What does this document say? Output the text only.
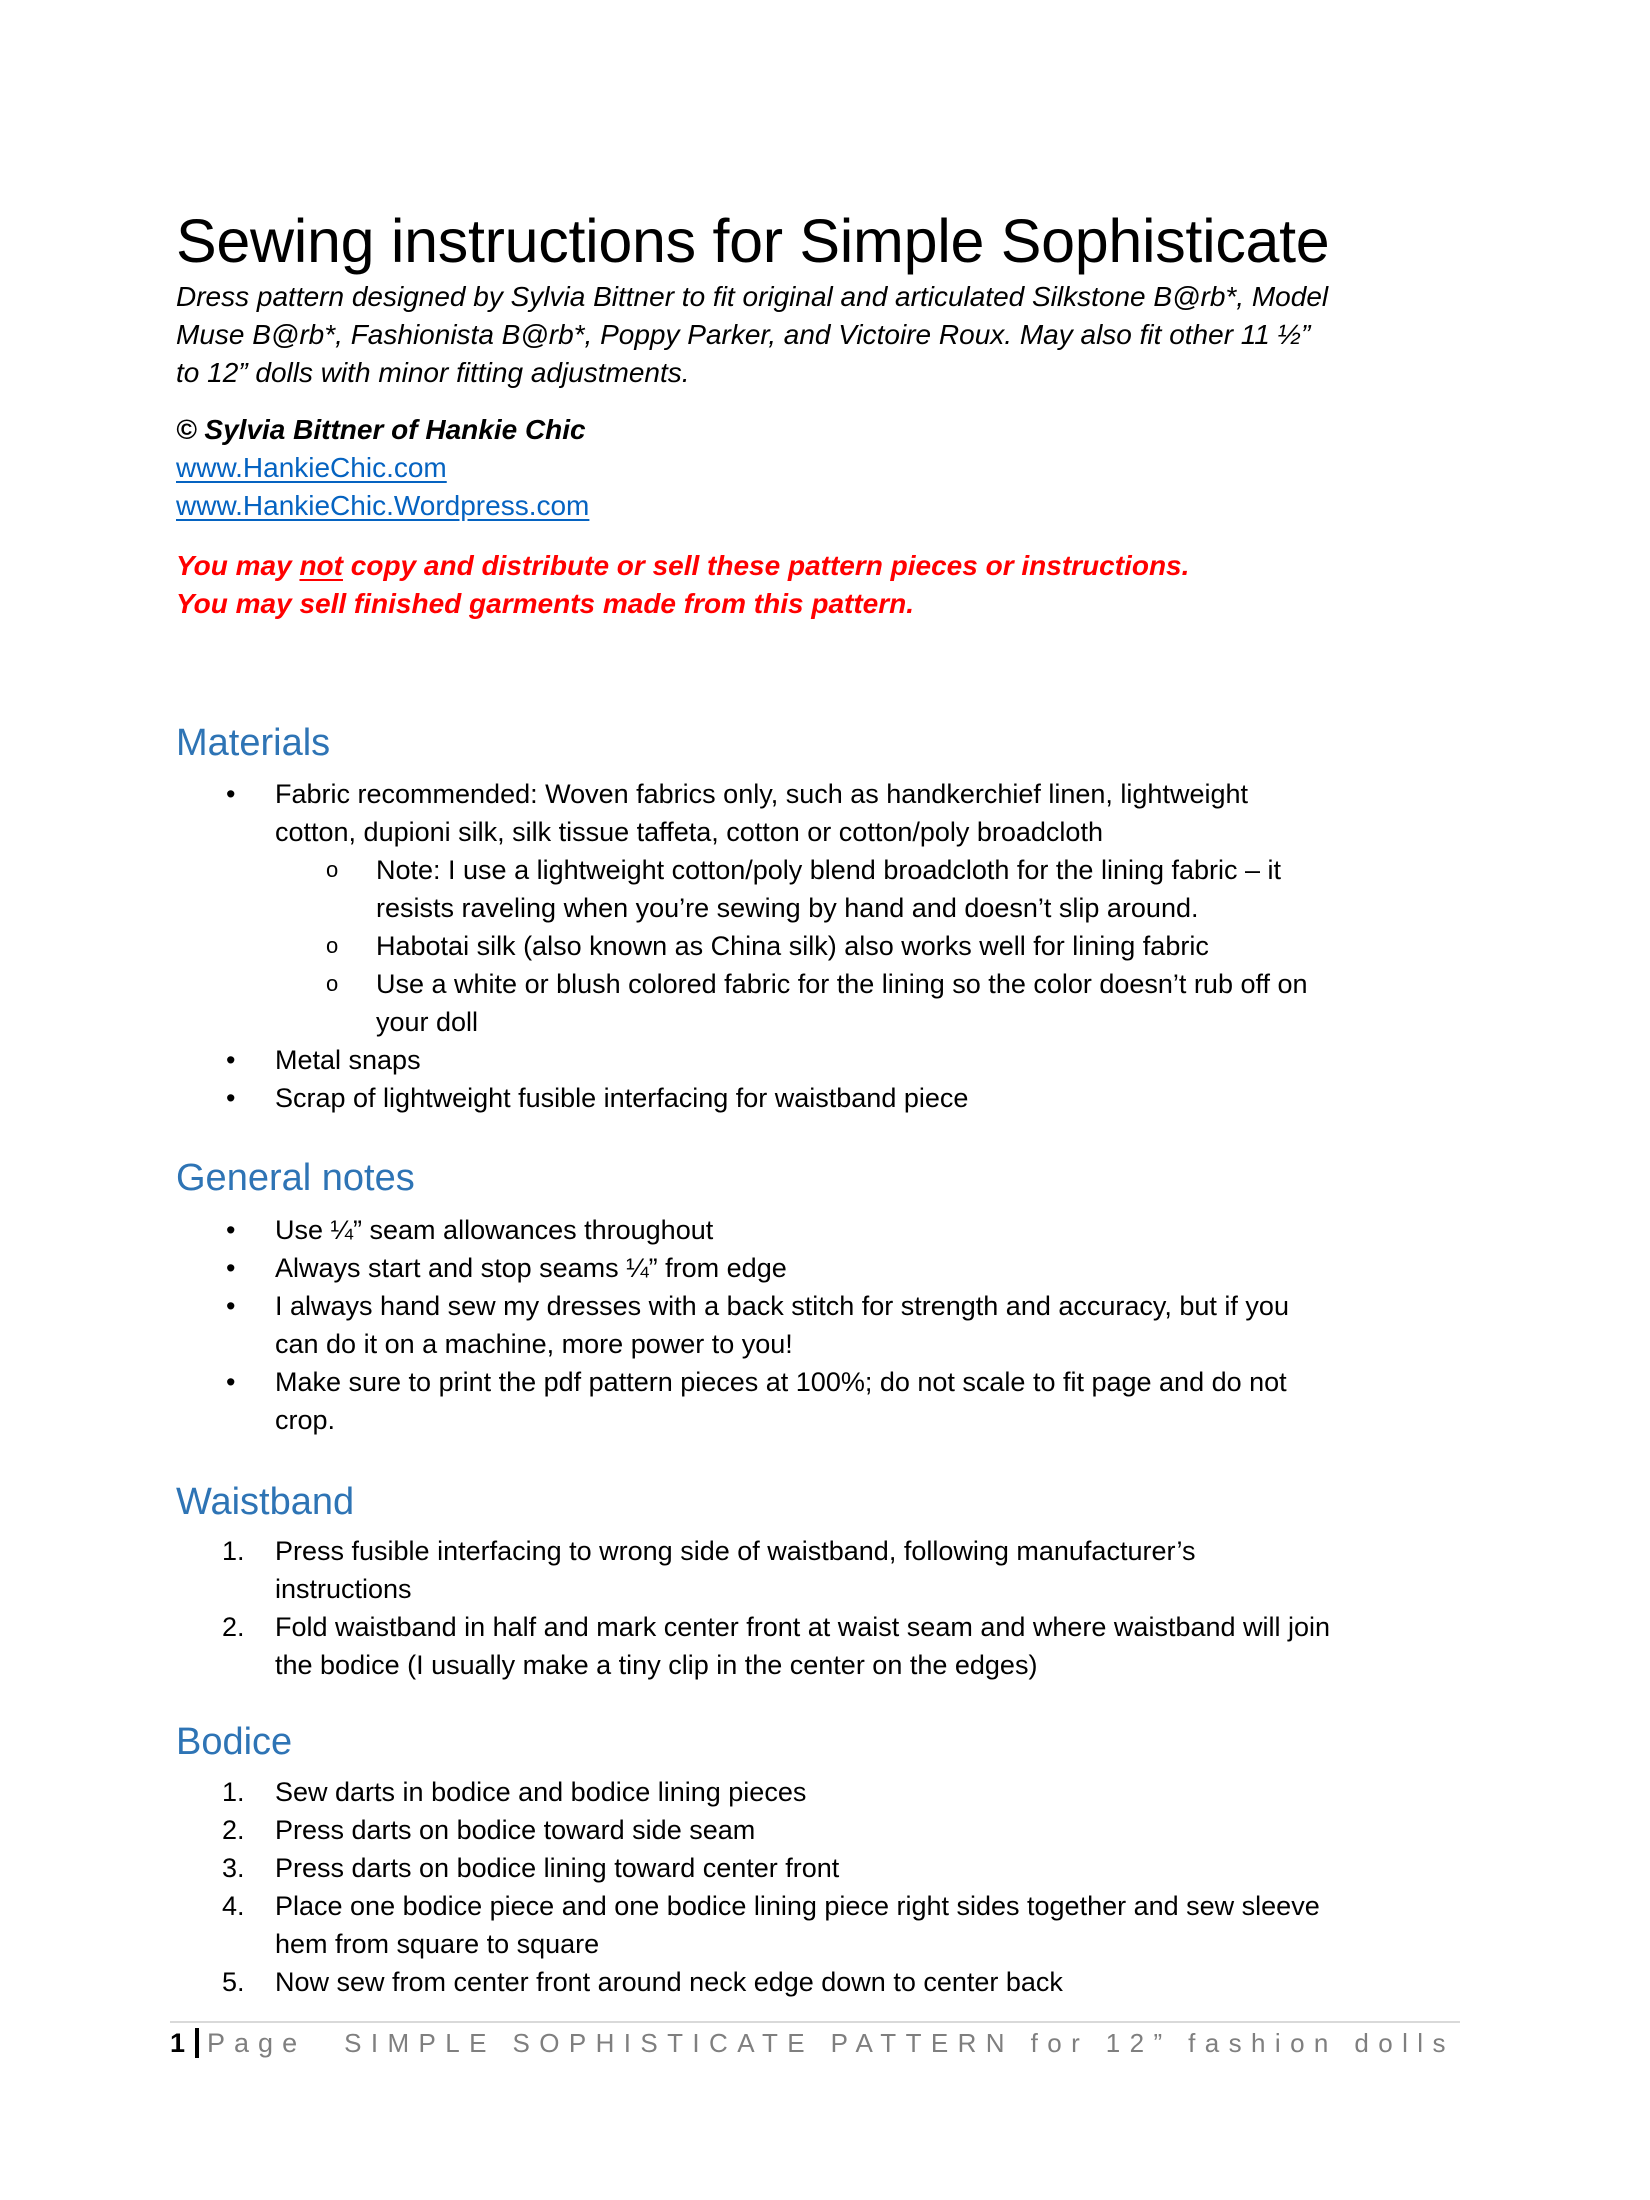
Sewing instructions for Simple Sophisticate
Dress pattern designed by Sylvia Bittner to fit original and articulated Silkstone B@rb*, Model
Muse B@rb*, Fashionista B@rb*, Poppy Parker, and Victoire Roux. May also fit other 11 ½”
to 12” dolls with minor fitting adjustments.
© Sylvia Bittner of Hankie Chic
www.HankieChic.com
www.HankieChic.Wordpress.com
You may not copy and distribute or sell these pattern pieces or instructions.
You may sell finished garments made from this pattern.
Materials
• Fabric recommended: Woven fabrics only, such as handkerchief linen, lightweight
cotton, dupioni silk, silk tissue taffeta, cotton or cotton/poly broadcloth
o Note: I use a lightweight cotton/poly blend broadcloth for the lining fabric – it
resists raveling when you’re sewing by hand and doesn’t slip around.
o Habotai silk (also known as China silk) also works well for lining fabric
o Use a white or blush colored fabric for the lining so the color doesn’t rub off on
your doll
• Metal snaps
• Scrap of lightweight fusible interfacing for waistband piece
General notes
• Use ¼” seam allowances throughout
• Always start and stop seams ¼” from edge
• I always hand sew my dresses with a back stitch for strength and accuracy, but if you
can do it on a machine, more power to you!
• Make sure to print the pdf pattern pieces at 100%; do not scale to fit page and do not
crop.
Waistband
1. Press fusible interfacing to wrong side of waistband, following manufacturer’s
instructions
2. Fold waistband in half and mark center front at waist seam and where waistband will join
the bodice (I usually make a tiny clip in the center on the edges)
Bodice
1. Sew darts in bodice and bodice lining pieces
2. Press darts on bodice toward side seam
3. Press darts on bodice lining toward center front
4. Place one bodice piece and one bodice lining piece right sides together and sew sleeve
hem from square to square
5. Now sew from center front around neck edge down to center back
1 Page SIMPLE SOPHISTICATE PATTERN for 12” fashion dolls
